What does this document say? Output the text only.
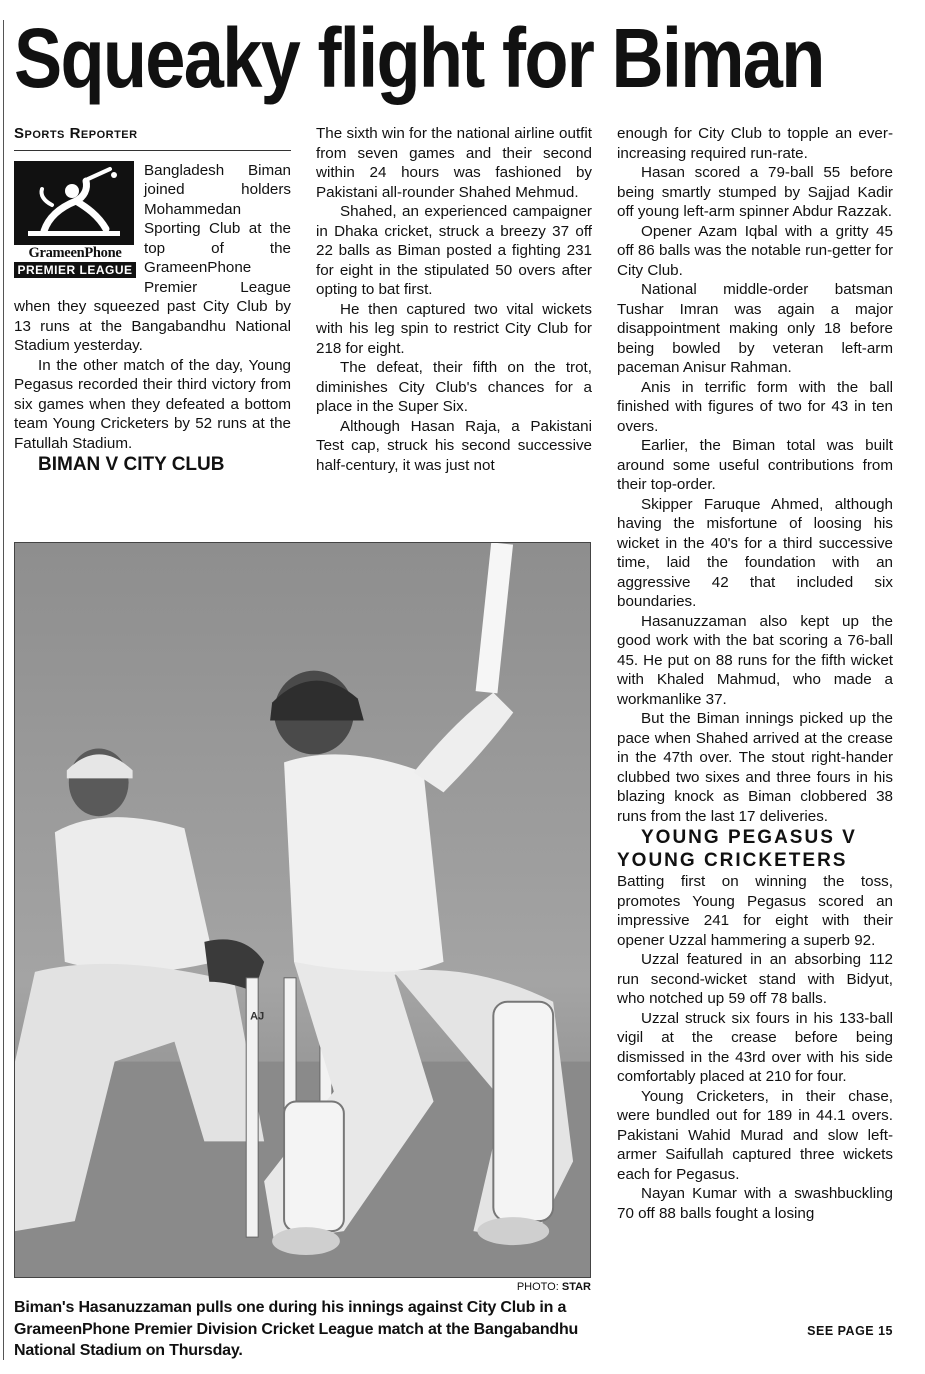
Squeaky flight for Biman
Sports Reporter
GrameenPhone
PREMIER LEAGUE

Bangladesh Biman joined holders Mohammedan Sporting Club at the top of the GrameenPhone Premier League when they squeezed past City Club by 13 runs at the Bangabandhu National Stadium yesterday.

In the other match of the day, Young Pegasus recorded their third victory from six games when they defeated a bottom team Young Cricketers by 52 runs at the Fatullah Stadium.

BIMAN V CITY CLUB

The sixth win for the national airline outfit from seven games and their second within 24 hours was fashioned by Pakistani all-rounder Shahed Mehmud.

Shahed, an experienced campaigner in Dhaka cricket, struck a breezy 37 off 22 balls as Biman posted a fighting 231 for eight in the stipulated 50 overs after opting to bat first.

He then captured two vital wickets with his leg spin to restrict City Club for 218 for eight.

The defeat, their fifth on the trot, diminishes City Club's chances for a place in the Super Six.

Although Hasan Raja, a Pakistani Test cap, struck his second successive half-century, it was just not

enough for City Club to topple an ever-increasing required run-rate.

Hasan scored a 79-ball 55 before being smartly stumped by Sajjad Kadir off young left-arm spinner Abdur Razzak.

Opener Azam Iqbal with a gritty 45 off 86 balls was the notable run-getter for City Club.

National middle-order batsman Tushar Imran was again a major disappointment making only 18 before being bowled by veteran left-arm paceman Anisur Rahman.

Anis in terrific form with the ball finished with figures of two for 43 in ten overs.

Earlier, the Biman total was built around some useful contributions from their top-order.

Skipper Faruque Ahmed, although having the misfortune of loosing his wicket in the 40's for a third successive time, laid the foundation with an aggressive 42 that included six boundaries.

Hasanuzzaman also kept up the good work with the bat scoring a 76-ball 45. He put on 88 runs for the fifth wicket with Khaled Mahmud, who made a workmanlike 37.

But the Biman innings picked up the pace when Shahed arrived at the crease in the 47th over. The stout right-hander clubbed two sixes and three fours in his blazing knock as Biman clobbered 38 runs from the last 17 deliveries.

YOUNG PEGASUS V YOUNG CRICKETERS

Batting first on winning the toss, promotes Young Pegasus scored an impressive 241 for eight with their opener Uzzal hammering a superb 92.

Uzzal featured in an absorbing 112 run second-wicket stand with Bidyut, who notched up 59 off 78 balls.

Uzzal struck six fours in his 133-ball vigil at the crease before being dismissed in the 43rd over with his side comfortably placed at 210 for four.

Young Cricketers, in their chase, were bundled out for 189 in 44.1 overs. Pakistani Wahid Murad and slow left-armer Saifullah captured three wickets each for Pegasus.

Nayan Kumar with a swashbuckling 70 off 88 balls fought a losing

AJ
PHOTO: STAR

Biman's Hasanuzzaman pulls one during his innings against City Club in a GrameenPhone Premier Division Cricket League match at the Bangabandhu National Stadium on Thursday.

SEE PAGE 15
